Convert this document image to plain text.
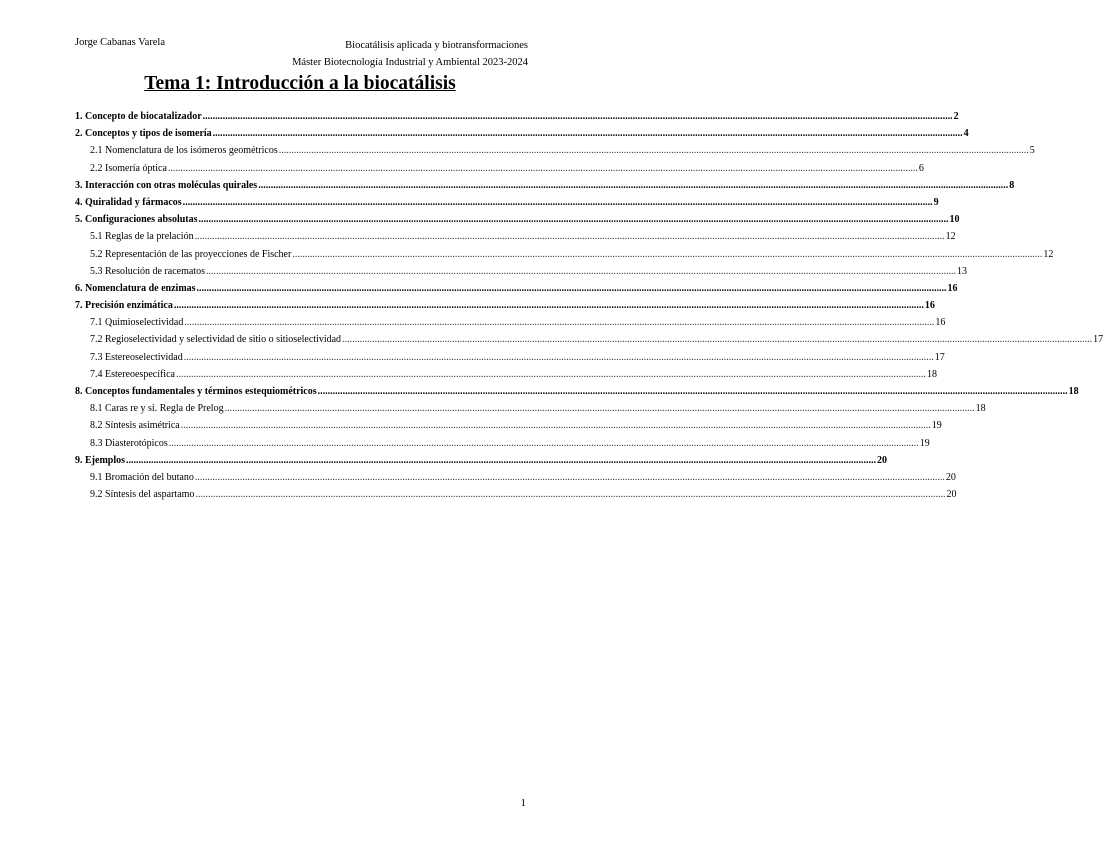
Jorge Cabanas Varela	Biocatálisis aplicada y biotransformaciones
Máster Biotecnología Industrial y Ambiental 2023-2024
Tema 1: Introducción a la biocatálisis
1. Concepto de biocatalizador ............................................................................................................................................................................................................................................................................................................ 2
2. Conceptos y tipos de isomería ............................................................................................................................................................................................................................................................................................................ 4
2.1 Nomenclatura de los isómeros geométricos ............................................................................................................................................................................................................................................................................................................ 5
2.2 Isomería óptica ............................................................................................................................................................................................................................................................................................................ 6
3. Interacción con otras moléculas quirales ............................................................................................................................................................................................................................................................................................................ 8
4. Quiralidad y fármacos ............................................................................................................................................................................................................................................................................................................ 9
5. Configuraciones absolutas ............................................................................................................................................................................................................................................................................................................ 10
5.1 Reglas de la prelación ............................................................................................................................................................................................................................................................................................................ 12
5.2 Representación de las proyecciones de Fischer ............................................................................................................................................................................................................................................................................................................ 12
5.3 Resolución de racematos ............................................................................................................................................................................................................................................................................................................ 13
6. Nomenclatura de enzimas ............................................................................................................................................................................................................................................................................................................ 16
7. Precisión enzimática ............................................................................................................................................................................................................................................................................................................ 16
7.1 Quimioselectividad ............................................................................................................................................................................................................................................................................................................ 16
7.2 Regioselectividad y selectividad de sitio o sitioselectividad ............................................................................................................................................................................................................................................................................................................ 17
7.3 Estereoselectividad ............................................................................................................................................................................................................................................................................................................ 17
7.4 Estereoespecífica ............................................................................................................................................................................................................................................................................................................ 18
8. Conceptos fundamentales y términos estequiométricos ............................................................................................................................................................................................................................................................................................................ 18
8.1 Caras re y si. Regla de Prelog ............................................................................................................................................................................................................................................................................................................ 18
8.2 Síntesis asimétrica ............................................................................................................................................................................................................................................................................................................ 19
8.3 Diasterotópicos ............................................................................................................................................................................................................................................................................................................ 19
9. Ejemplos ............................................................................................................................................................................................................................................................................................................ 20
9.1 Bromación del butano ............................................................................................................................................................................................................................................................................................................ 20
9.2 Síntesis del aspartamo ............................................................................................................................................................................................................................................................................................................ 20
1
